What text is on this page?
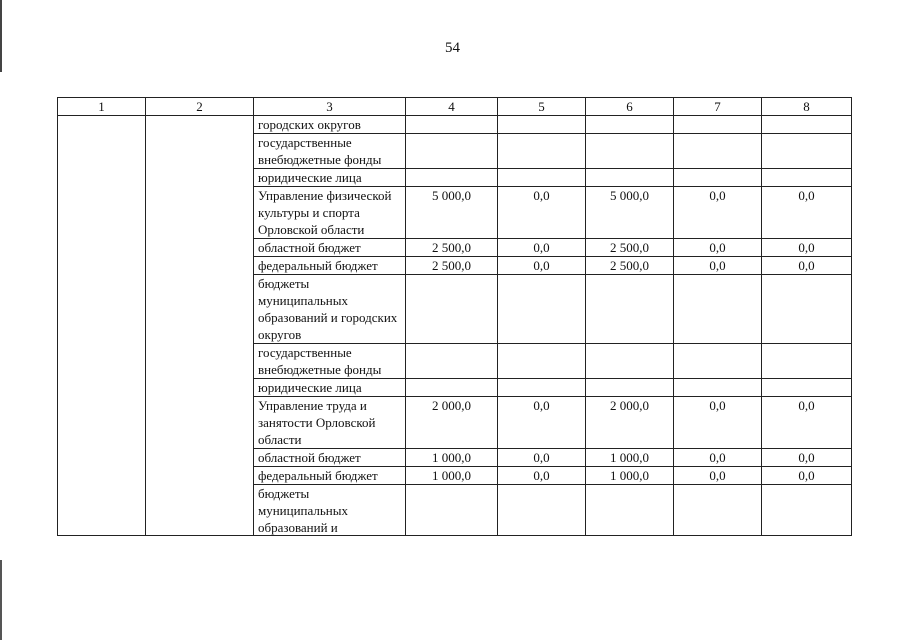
54
1	2	3	4	5	6	7	8
		городских округов					
		государственные внебюджетные фонды					
		юридические лица					
		Управление физической культуры и спорта Орловской области	5 000,0	0,0	5 000,0	0,0	0,0
		областной бюджет	2 500,0	0,0	2 500,0	0,0	0,0
		федеральный бюджет	2 500,0	0,0	2 500,0	0,0	0,0
		бюджеты муниципальных образований и городских округов					
		государственные внебюджетные фонды					
		юридические лица					
		Управление труда и занятости Орловской области	2 000,0	0,0	2 000,0	0,0	0,0
		областной бюджет	1 000,0	0,0	1 000,0	0,0	0,0
		федеральный бюджет	1 000,0	0,0	1 000,0	0,0	0,0

		бюджеты муниципальных образований и					
